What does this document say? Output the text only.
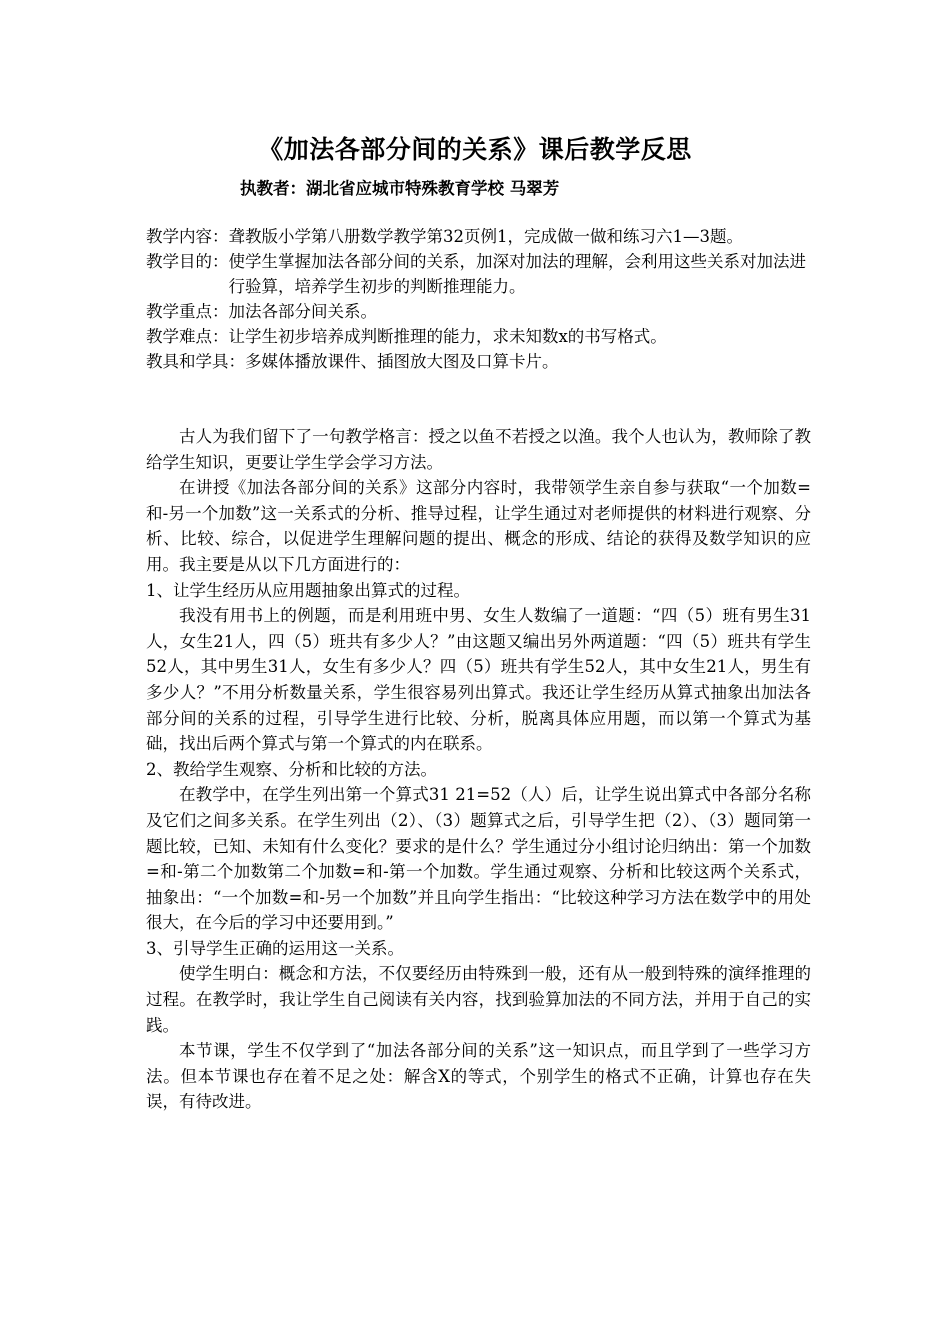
《加法各部分间的关系》课后教学反思
执教者：湖北省应城市特殊教育学校 马翠芳
教学内容： 聋教版小学第八册数学教学第32页例1，完成做一做和练习六1—3题。
教学目的： 使学生掌握加法各部分间的关系，加深对加法的理解，会利用这些关系对加法进行验算，培养学生初步的判断推理能力。
教学重点： 加法各部分间关系。
教学难点： 让学生初步培养成判断推理的能力，求未知数x的书写格式。
教具和学具： 多媒体播放课件、插图放大图及口算卡片。

古人为我们留下了一句教学格言：授之以鱼不若授之以渔。我个人也认为，教师除了教给学生知识，更要让学生学会学习方法。

在讲授《加法各部分间的关系》这部分内容时，我带领学生亲自参与获取“一个加数=和-另一个加数”这一关系式的分析、推导过程，让学生通过对老师提供的材料进行观察、分析、比较、综合，以促进学生理解问题的提出、概念的形成、结论的获得及数学知识的应用。我主要是从以下几方面进行的：

1、让学生经历从应用题抽象出算式的过程。

我没有用书上的例题，而是利用班中男、女生人数编了一道题：“四（5）班有男生31人，女生21人，四（5）班共有多少人？”由这题又编出另外两道题：“四（5）班共有学生52人，其中男生31人，女生有多少人？四（5）班共有学生52人，其中女生21人，男生有多少人？”不用分析数量关系，学生很容易列出算式。我还让学生经历从算式抽象出加法各部分间的关系的过程，引导学生进行比较、分析，脱离具体应用题，而以第一个算式为基础，找出后两个算式与第一个算式的内在联系。

2、教给学生观察、分析和比较的方法。

在教学中，在学生列出第一个算式31 21=52（人）后，让学生说出算式中各部分名称及它们之间多关系。在学生列出（2）、（3）题算式之后，引导学生把（2）、（3）题同第一题比较，已知、未知有什么变化？要求的是什么？学生通过分小组讨论归纳出：第一个加数=和-第二个加数第二个加数=和-第一个加数。学生通过观察、分析和比较这两个关系式，抽象出：“一个加数=和-另一个加数”并且向学生指出：“比较这种学习方法在数学中的用处很大，在今后的学习中还要用到。”

3、引导学生正确的运用这一关系。

使学生明白：概念和方法，不仅要经历由特殊到一般，还有从一般到特殊的演绎推理的过程。在教学时，我让学生自己阅读有关内容，找到验算加法的不同方法，并用于自己的实践。

本节课，学生不仅学到了“加法各部分间的关系”这一知识点，而且学到了一些学习方法。但本节课也存在着不足之处：解含X的等式，个别学生的格式不正确，计算也存在失误，有待改进。
